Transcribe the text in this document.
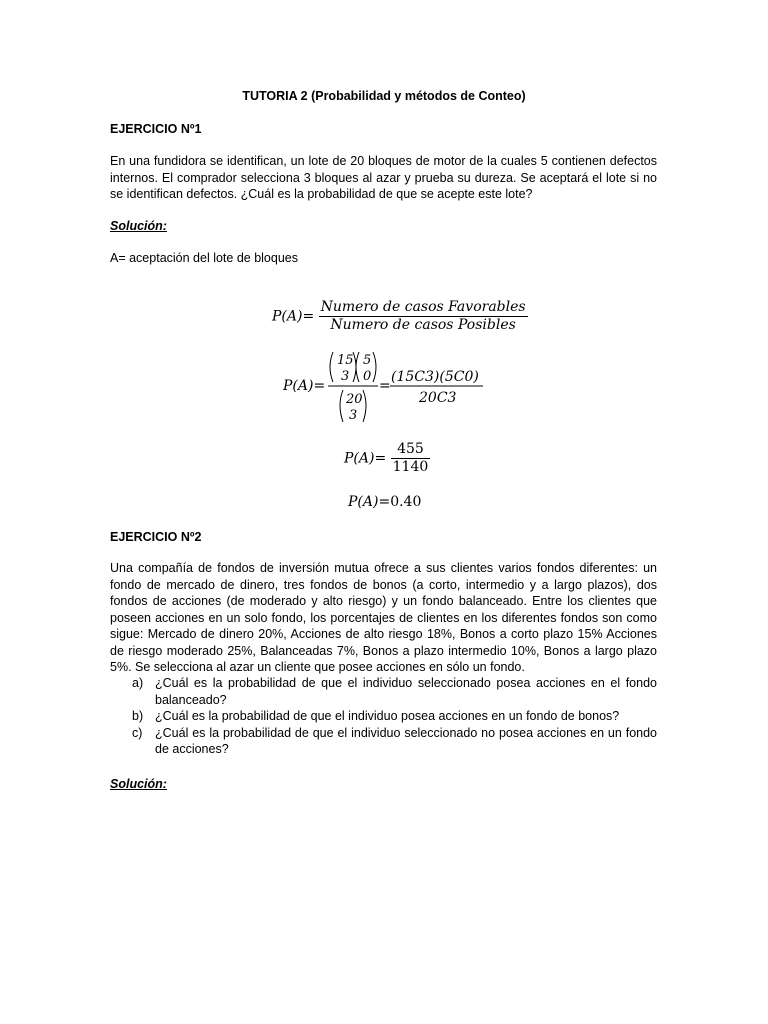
TUTORIA 2 (Probabilidad y métodos de Conteo)
EJERCICIO Nº1
En una fundidora se identifican, un lote de 20 bloques de motor de la cuales 5 contienen defectos internos. El comprador selecciona 3 bloques al azar y prueba su dureza. Se aceptará el lote si no se identifican defectos. ¿Cuál es la probabilidad de que se acepte este lote?
Solución:
A= aceptación del lote de bloques
$P(A)= \frac{\text{Numero de casos Favorables}}{\text{Numero de casos Posibles}}$
P(A)=
15
3
5
0
20
3
=
(15C3)(5C0)
20C3
$P(A)= \frac{455}{1140}$
P(A)=0.40
EJERCICIO Nº2
Una compañía de fondos de inversión mutua ofrece a sus clientes varios fondos diferentes: un fondo de mercado de dinero, tres fondos de bonos (a corto, intermedio y a largo plazos), dos fondos de acciones (de moderado y alto riesgo) y un fondo balanceado. Entre los clientes que poseen acciones en un solo fondo, los porcentajes de clientes en los diferentes fondos son como sigue: Mercado de dinero 20%, Acciones de alto riesgo 18%, Bonos a corto plazo 15% Acciones de riesgo moderado 25%, Balanceadas 7%, Bonos a plazo intermedio 10%, Bonos a largo plazo 5%. Se selecciona al azar un cliente que posee acciones en sólo un fondo.
a) ¿Cuál es la probabilidad de que el individuo seleccionado posea acciones en el fondo balanceado?
b) ¿Cuál es la probabilidad de que el individuo posea acciones en un fondo de bonos?
c) ¿Cuál es la probabilidad de que el individuo seleccionado no posea acciones en un fondo de acciones?
Solución:
